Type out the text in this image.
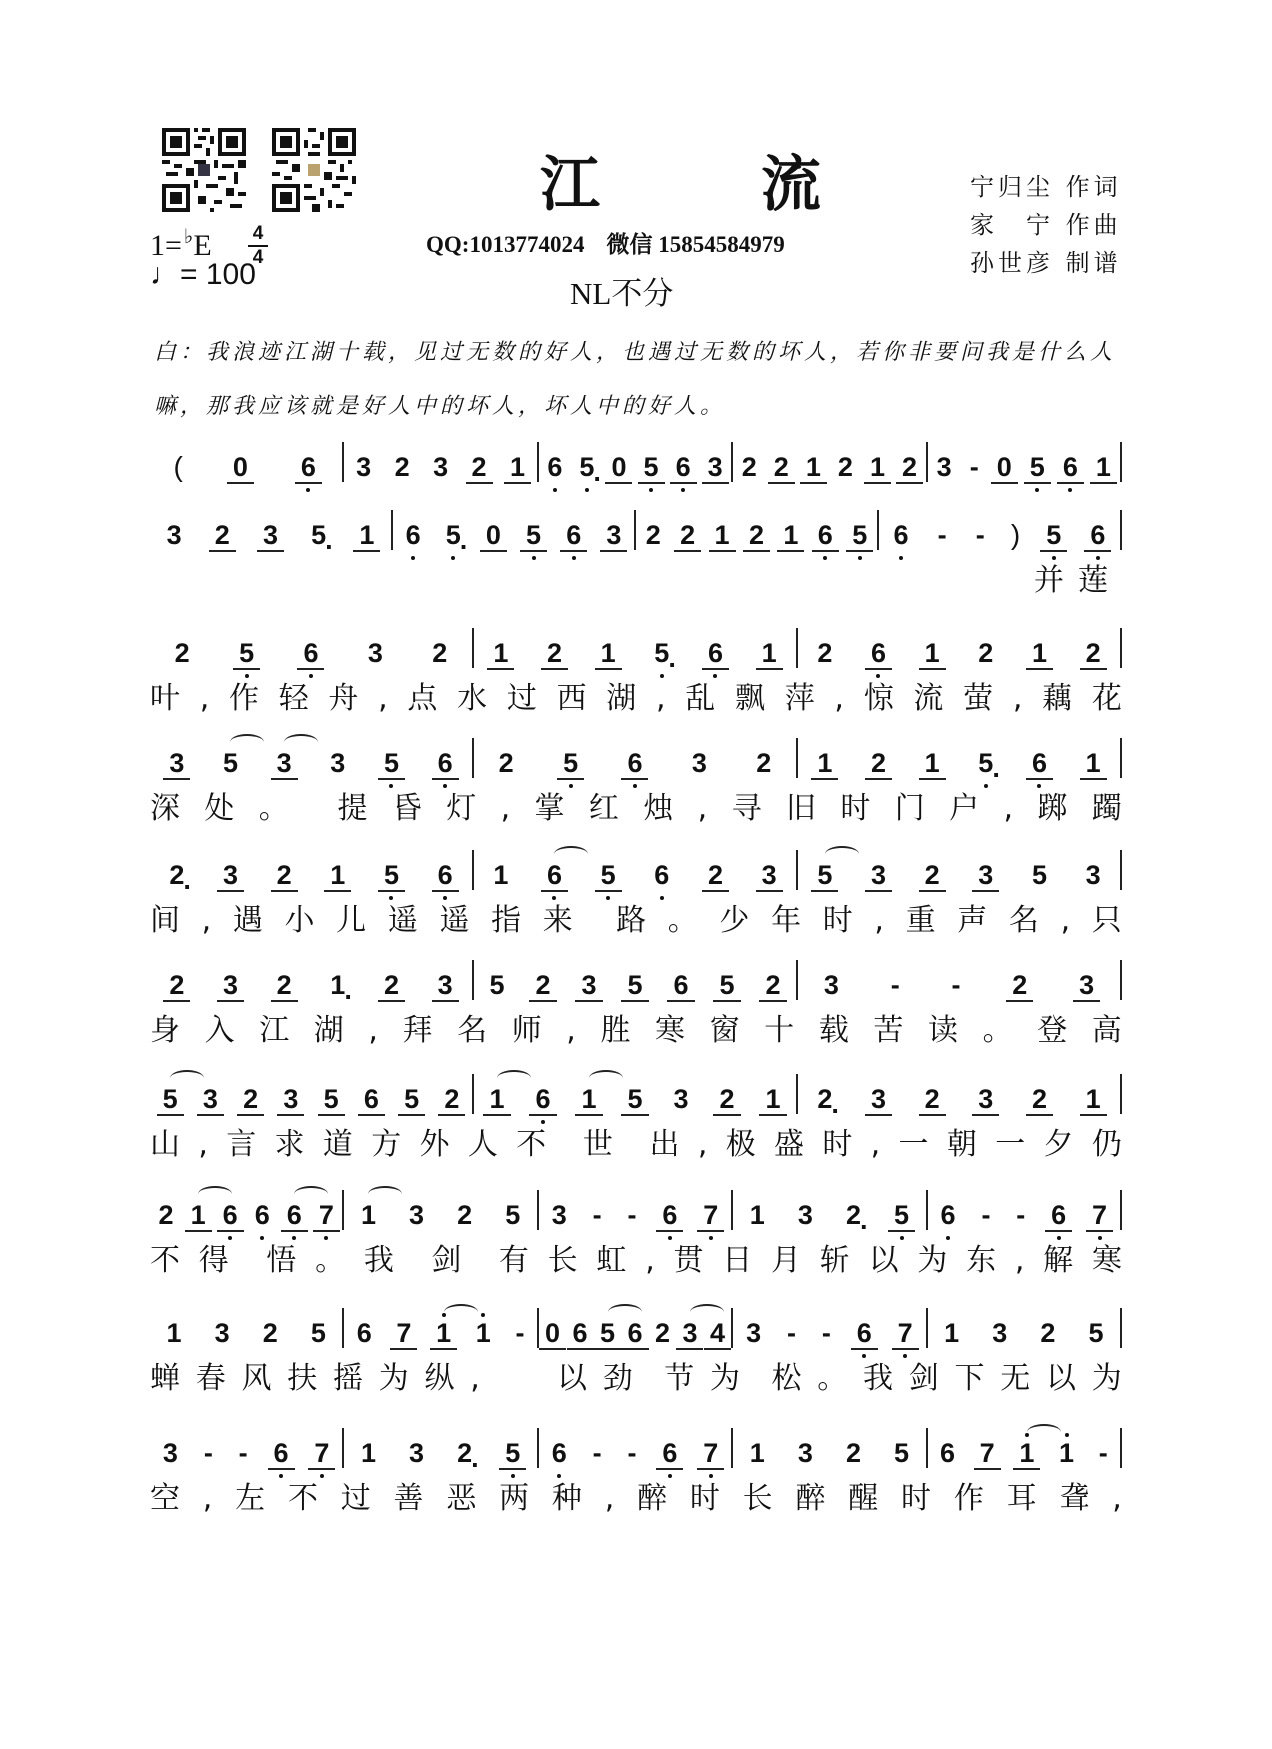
1= ♭E 4
4
♩= 100
江 流
QQ:1013774024 微信 15854584979
NL不分
宁归尘 作词
家　宁 作曲
孙世彦 制谱
白：我浪迹江湖十载，见过无数的好人，也遇过无数的坏人，若你非要问我是什么人嘛，那我应该就是好人中的坏人，坏人中的好人。
( 0 6 3 2 3 2 1 6 5 · 0 5 6 3 2 2 1 2 1 2 3 - 0 5 6 1
3 2 3 5 · 1 6 5 · 0 5 6 3 2 2 1 2 1 6 5 6 - - ) 5 6
并 莲
2 5 6 3 2 1 2 1 5 · 6 1 2 6 1 2 1 2
叶 , 作 轻 舟 , 点 水 过 西 湖 , 乱 飘 萍 , 惊 流 萤 , 藕 花
3 5 3 3 5 6 2 5 6 3 2 1 2 1 5 · 6 1
深 处 。 提 昏 灯 , 掌 红 烛 , 寻 旧 时 门 户 , 踯 躅
2 · 3 2 1 5 6 1 6 5 6 2 3 5 3 2 3 5 3
间 , 遇 小 儿 遥 遥 指 来 路 。 少 年 时 , 重 声 名 , 只
2 3 2 1 · 2 3 5 2 3 5 6 5 2 3 - - 2 3
身 入 江 湖 , 拜 名 师 , 胜 寒 窗 十 载 苦 读 。 登 高
5 3 2 3 5 6 5 2 1 6 1 5 3 2 1 2 · 3 2 3 2 1
山 , 言 求 道 方 外 人 不 世 出 , 极 盛 时 , 一 朝 一 夕 仍
2 1 6 6 6 7 1 3 2 5 3 - - 6 7 1 3 2 · 5 6 - - 6 7
不 得 悟 。 我 剑 有 长 虹 , 贯 日 月 斩 以 为 东 , 解 寒
1 3 2 5 6 7 1 1 - 0 6 5 6 2 3 4 3 - - 6 7 1 3 2 5
蝉 春 风 扶 摇 为 纵 ,
　	以 劲 节 为 松 。 我 剑 下 无 以 为
3 - - 6 7 1 3 2 · 5 6 - - 6 7 1 3 2 5 6 7 1 1 -
空 , 左 不 过 善 恶 两 种 , 醉 时 长 醉 醒 时 作 耳 聋 ,
